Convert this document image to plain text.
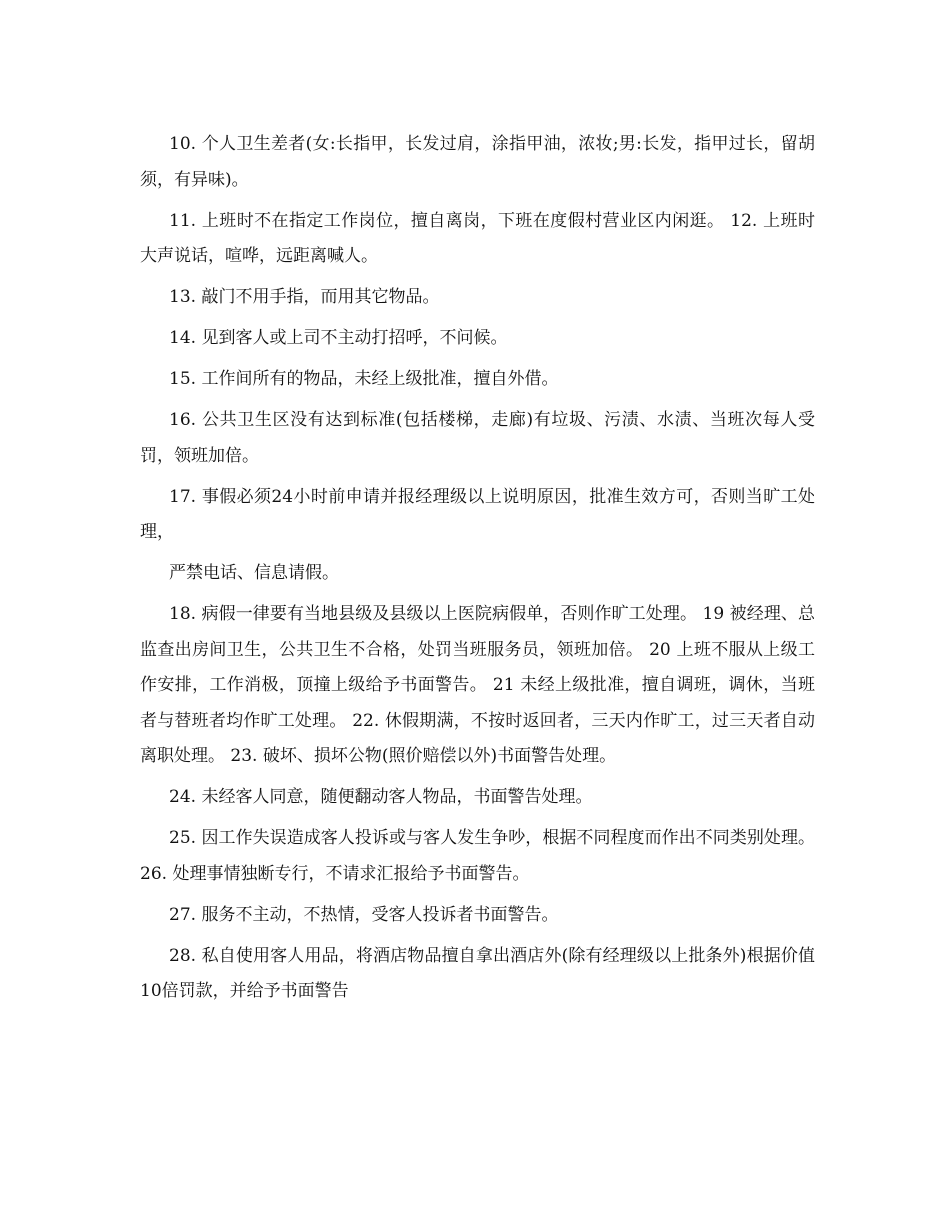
10. 个人卫生差者(女:长指甲，长发过肩，涂指甲油，浓妆;男:长发，指甲过长，留胡须，有异味)。

11. 上班时不在指定工作岗位，擅自离岗，下班在度假村营业区内闲逛。 12. 上班时大声说话，喧哗，远距离喊人。

13. 敲门不用手指，而用其它物品。

14. 见到客人或上司不主动打招呼，不问候。

15. 工作间所有的物品，未经上级批准，擅自外借。

16. 公共卫生区没有达到标准(包括楼梯，走廊)有垃圾、污渍、水渍、当班次每人受罚，领班加倍。

17. 事假必须24小时前申请并报经理级以上说明原因，批准生效方可，否则当旷工处理，

严禁电话、信息请假。

18. 病假一律要有当地县级及县级以上医院病假单，否则作旷工处理。 19 被经理、总监查出房间卫生，公共卫生不合格，处罚当班服务员，领班加倍。 20 上班不服从上级工作安排，工作消极，顶撞上级给予书面警告。 21 未经上级批准，擅自调班，调休，当班者与替班者均作旷工处理。 22. 休假期满，不按时返回者，三天内作旷工，过三天者自动离职处理。 23. 破坏、损坏公物(照价赔偿以外)书面警告处理。

24. 未经客人同意，随便翻动客人物品，书面警告处理。

25. 因工作失误造成客人投诉或与客人发生争吵，根据不同程度而作出不同类别处理。 26. 处理事情独断专行，不请求汇报给予书面警告。

27. 服务不主动，不热情，受客人投诉者书面警告。

28. 私自使用客人用品，将酒店物品擅自拿出酒店外(除有经理级以上批条外)根据价值10倍罚款，并给予书面警告
